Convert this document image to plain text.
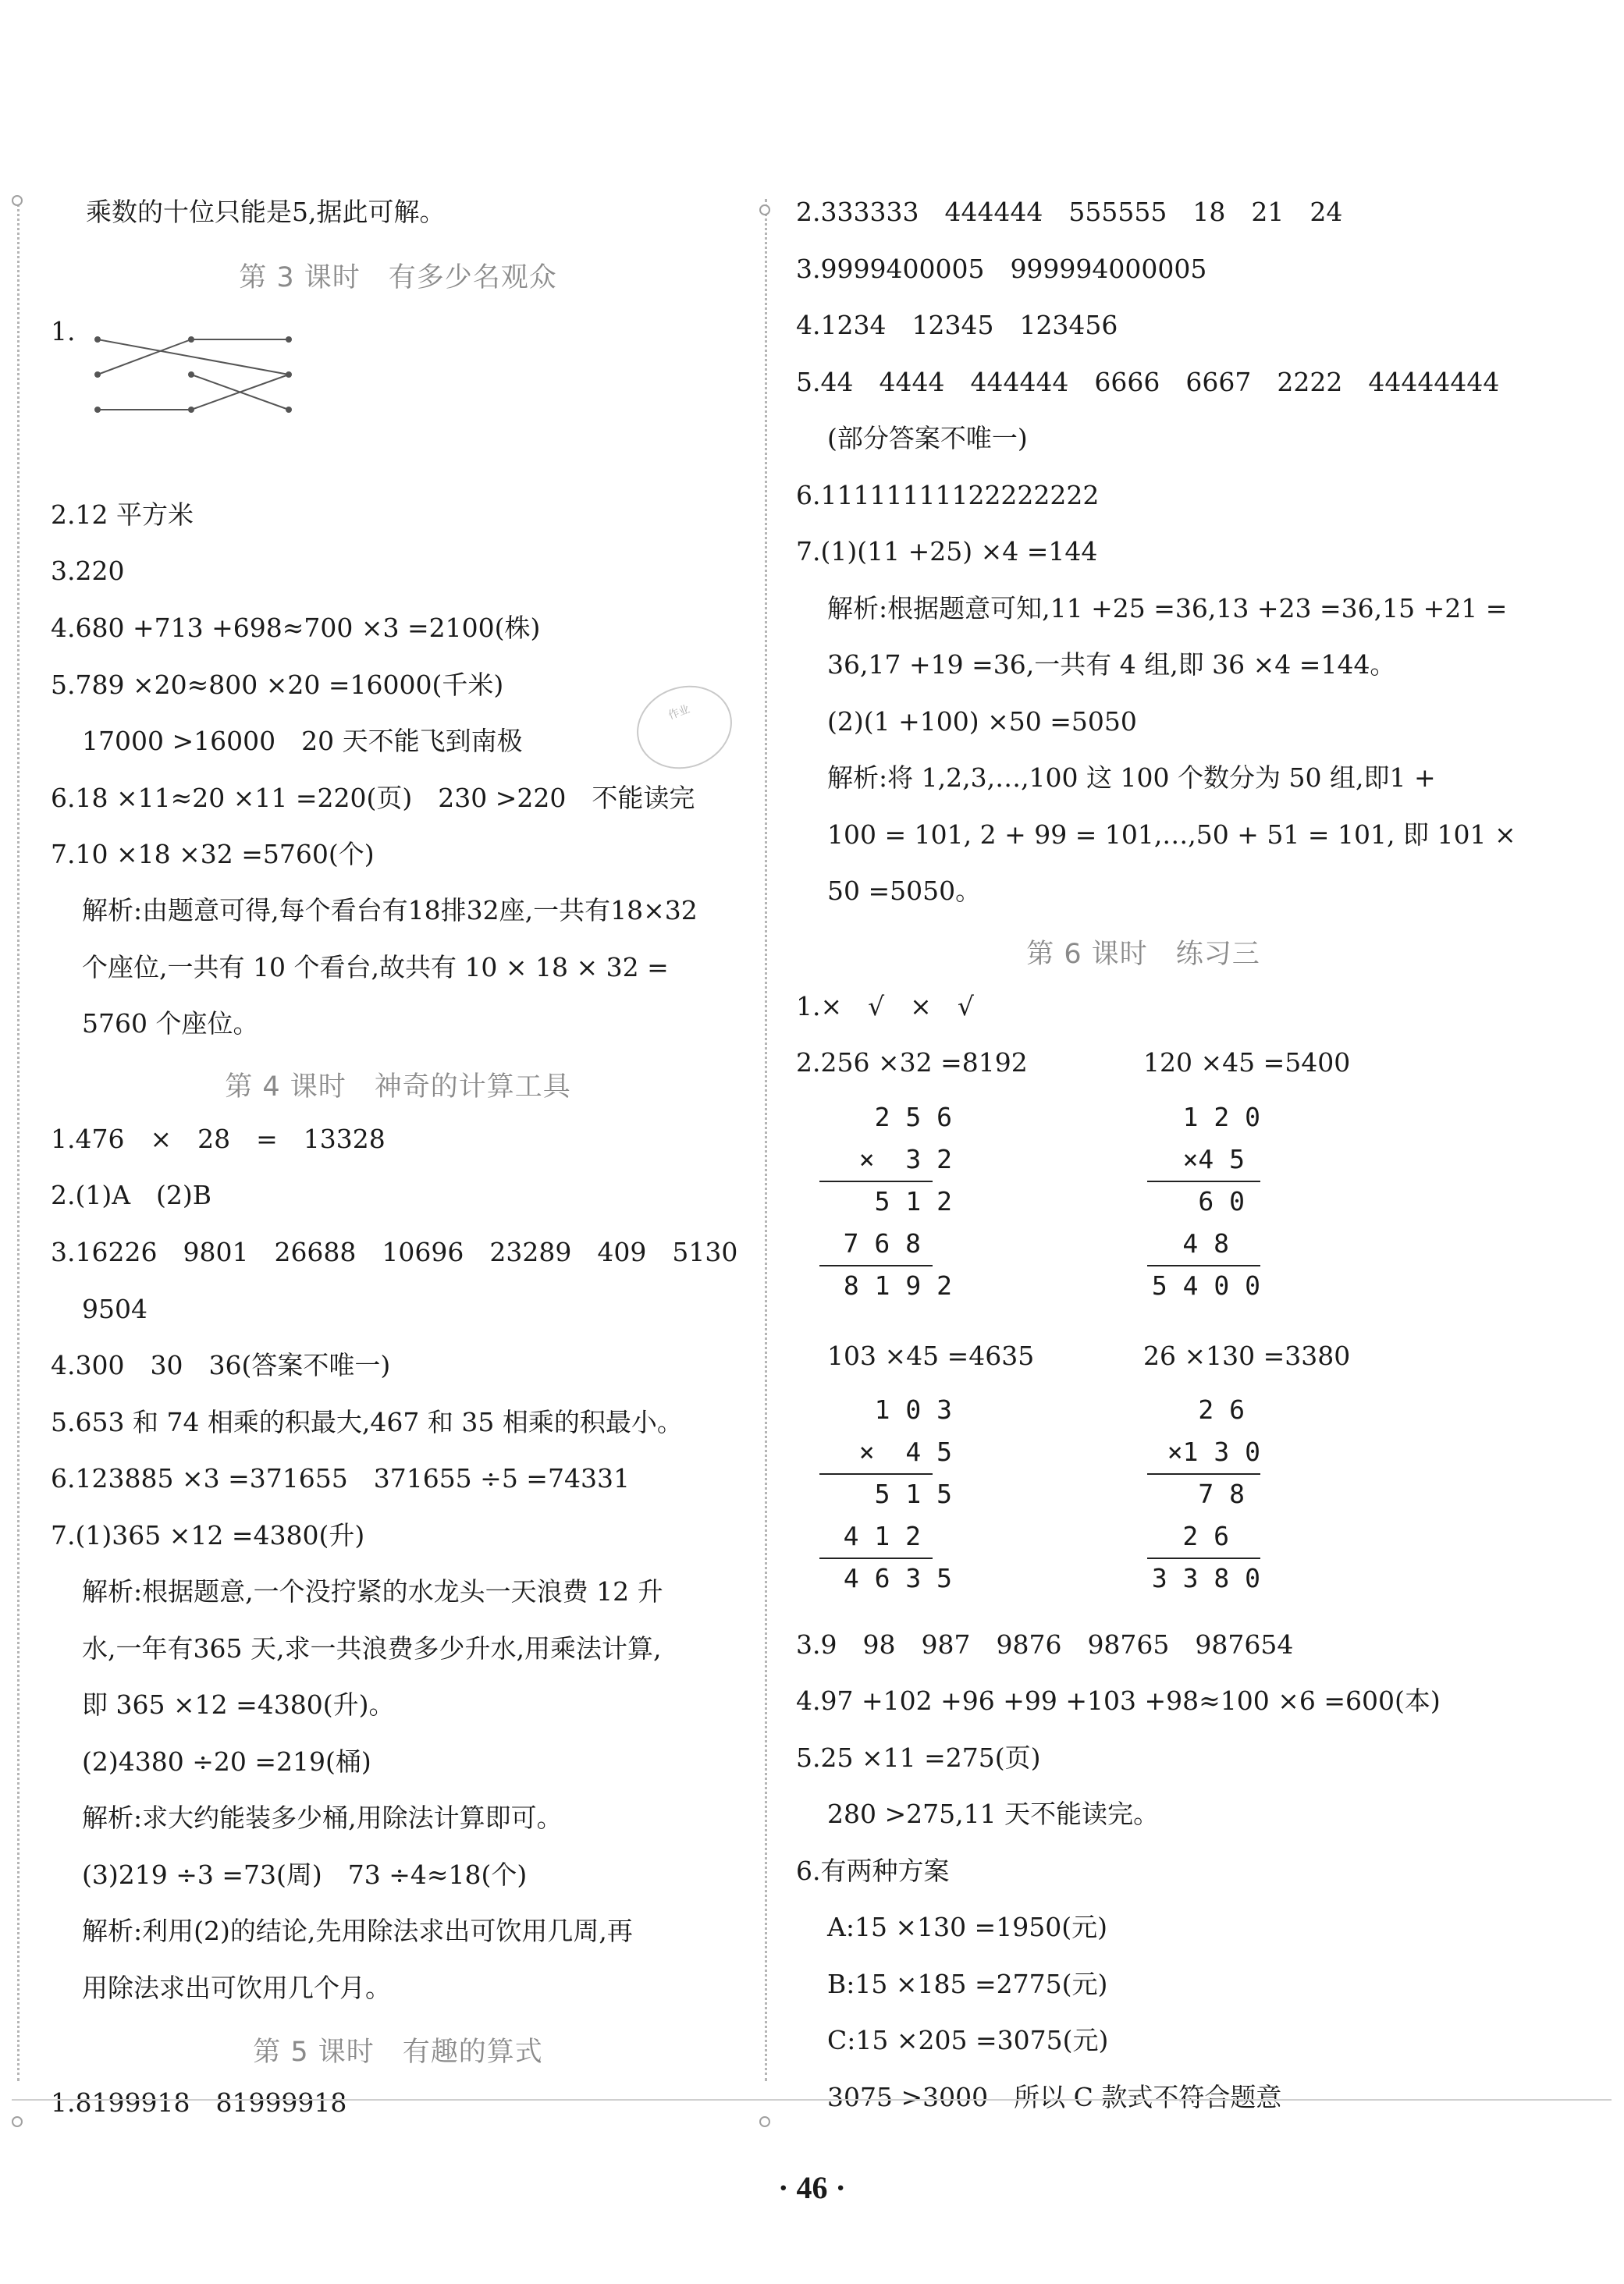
乘数的十位只能是5,据此可解。
第 3 课时　有多少名观众
1.
2.12 平方米
3.220
4.680 +713 +698≈700 ×3 =2100(株)
5.789 ×20≈800 ×20 =16000(千米)
17000 >16000　20 天不能飞到南极
6.18 ×11≈20 ×11 =220(页)　230 >220　不能读完
7.10 ×18 ×32 =5760(个)
解析:由题意可得,每个看台有18排32座,一共有18×32
个座位,一共有 10 个看台,故共有 10 × 18 × 32 =
5760 个座位。
第 4 课时　神奇的计算工具
1.476　×　28　=　13328
2.(1)A　(2)B
3.16226　9801　26688　10696　23289　409　5130
9504
4.300　30　36(答案不唯一)
5.653 和 74 相乘的积最大,467 和 35 相乘的积最小。
6.123885 ×3 =371655　371655 ÷5 =74331
7.(1)365 ×12 =4380(升)
解析:根据题意,一个没拧紧的水龙头一天浪费 12 升
水,一年有365 天,求一共浪费多少升水,用乘法计算,
即 365 ×12 =4380(升)。
(2)4380 ÷20 =219(桶)
解析:求大约能装多少桶,用除法计算即可。
(3)219 ÷3 =73(周)　73 ÷4≈18(个)
解析:利用(2)的结论,先用除法求出可饮用几周,再
用除法求出可饮用几个月。
第 5 课时　有趣的算式
1.8199918　81999918

作业
2.333333　444444　555555　18　21　24
3.9999400005　999994000005
4.1234　12345　123456
5.44　4444　444444　6666　6667　2222　44444444
(部分答案不唯一)
6.11111111122222222
7.(1)(11 +25) ×4 =144
解析:根据题意可知,11 +25 =36,13 +23 =36,15 +21 =
36,17 +19 =36,一共有 4 组,即 36 ×4 =144。
(2)(1 +100) ×50 =5050
解析:将 1,2,3,…,100 这 100 个数分为 50 组,即1 +
100 = 101, 2 + 99 = 101,…,50 + 51 = 101, 即 101 ×
50 =5050。
第 6 课时　练习三
1.×　√　×　√
2.256 ×32 =8192	120 ×45 =5400
2 5 6
×  3 2
5 1 2
7 6 8
8 1 9 2
1 2 0
×4 5
6 0
4 8
5 4 0 0
103 ×45 =4635	26 ×130 =3380
1 0 3
×  4 5
5 1 5
4 1 2
4 6 3 5
2 6
×1 3 0
7 8
2 6
3 3 8 0
3.9　98　987　9876　98765　987654
4.97 +102 +96 +99 +103 +98≈100 ×6 =600(本)
5.25 ×11 =275(页)
280 >275,11 天不能读完。
6.有两种方案
A:15 ×130 =1950(元)
B:15 ×185 =2775(元)
C:15 ×205 =3075(元)
3075 >3000　所以 C 款式不符合题意
· 46 ·
